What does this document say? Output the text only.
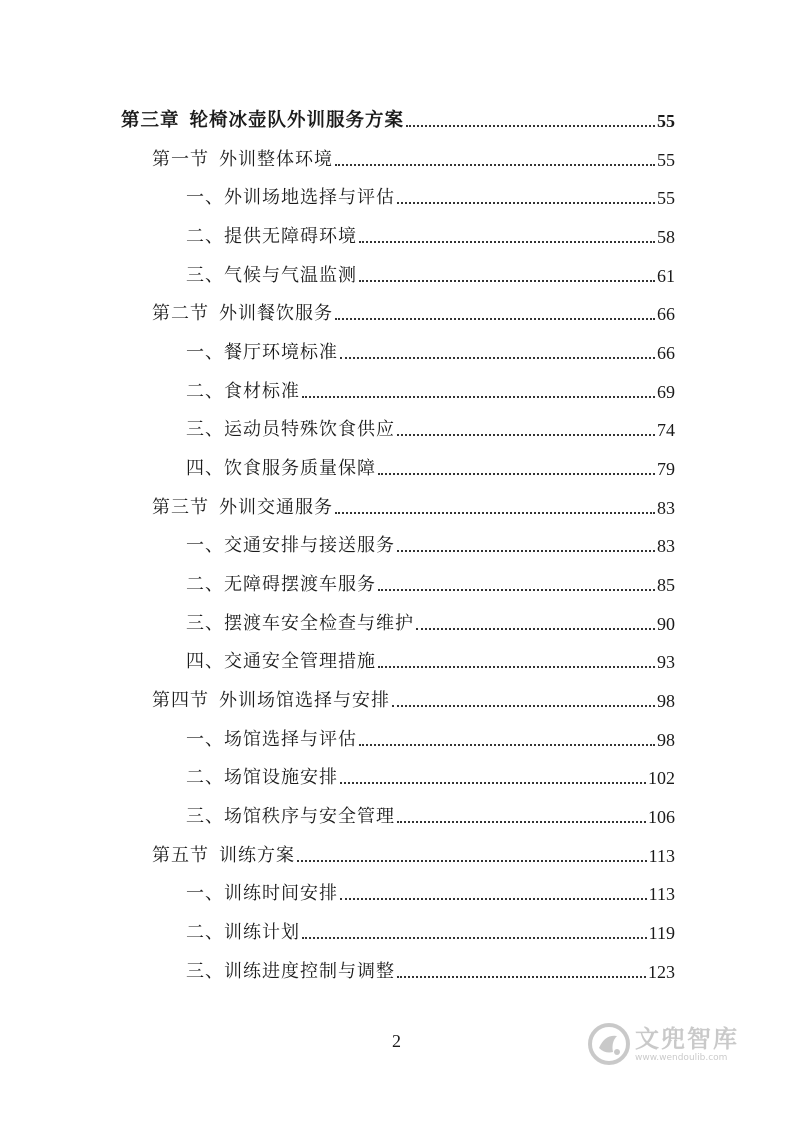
第三章 轮椅冰壶队外训服务方案	55
第一节 外训整体环境	55
一、外训场地选择与评估	55
二、提供无障碍环境	58
三、气候与气温监测	61
第二节 外训餐饮服务	66
一、餐厅环境标准	66
二、食材标准	69
三、运动员特殊饮食供应	74
四、饮食服务质量保障	79
第三节 外训交通服务	83
一、交通安排与接送服务	83
二、无障碍摆渡车服务	85
三、摆渡车安全检查与维护	90
四、交通安全管理措施	93
第四节 外训场馆选择与安排	98
一、场馆选择与评估	98
二、场馆设施安排	102
三、场馆秩序与安全管理	106
第五节 训练方案	113
一、训练时间安排	113
二、训练计划	119
三、训练进度控制与调整	123
2	文兜智库
www.wendoulib.com
